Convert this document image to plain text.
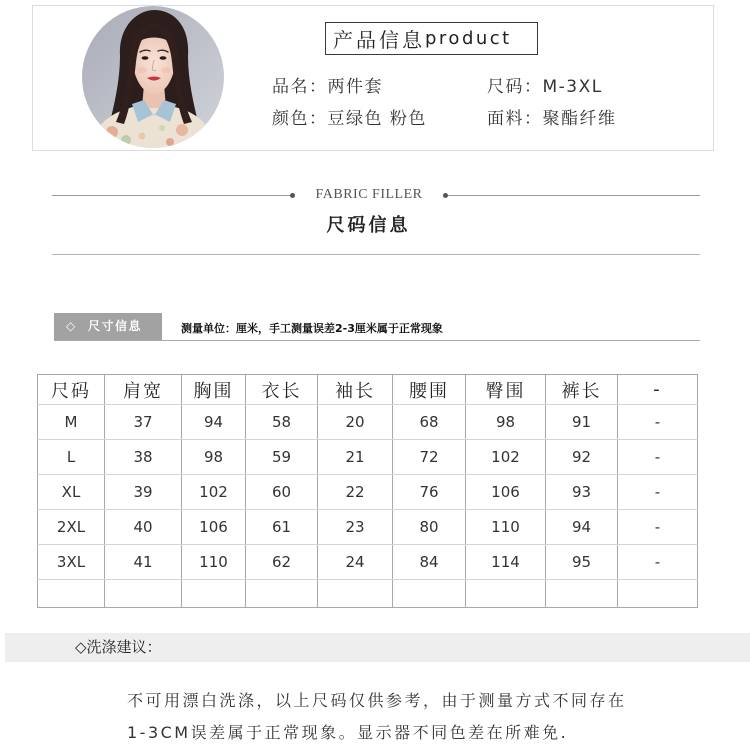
产品信息 product
品名：两件套	尺码：M-3XL
颜色：豆绿色 粉色	面料：聚酯纤维
FABRIC FILLER
尺码信息
◇ 尺寸信息	测量单位：厘米，手工测量误差2-3厘米属于正常现象
尺码	肩宽	胸围	衣长	袖长	腰围	臀围	裤长	-
M	37	94	58	20	68	98	91	-
L	38	98	59	21	72	102	92	-
XL	39	102	60	22	76	106	93	-
2XL	40	106	61	23	80	110	94	-
3XL	41	110	62	24	84	114	95	-

◇洗涤建议：
不可用漂白洗涤，以上尺码仅供参考，由于测量方式不同存在
1-3CM误差属于正常现象。显示器不同色差在所难免.
